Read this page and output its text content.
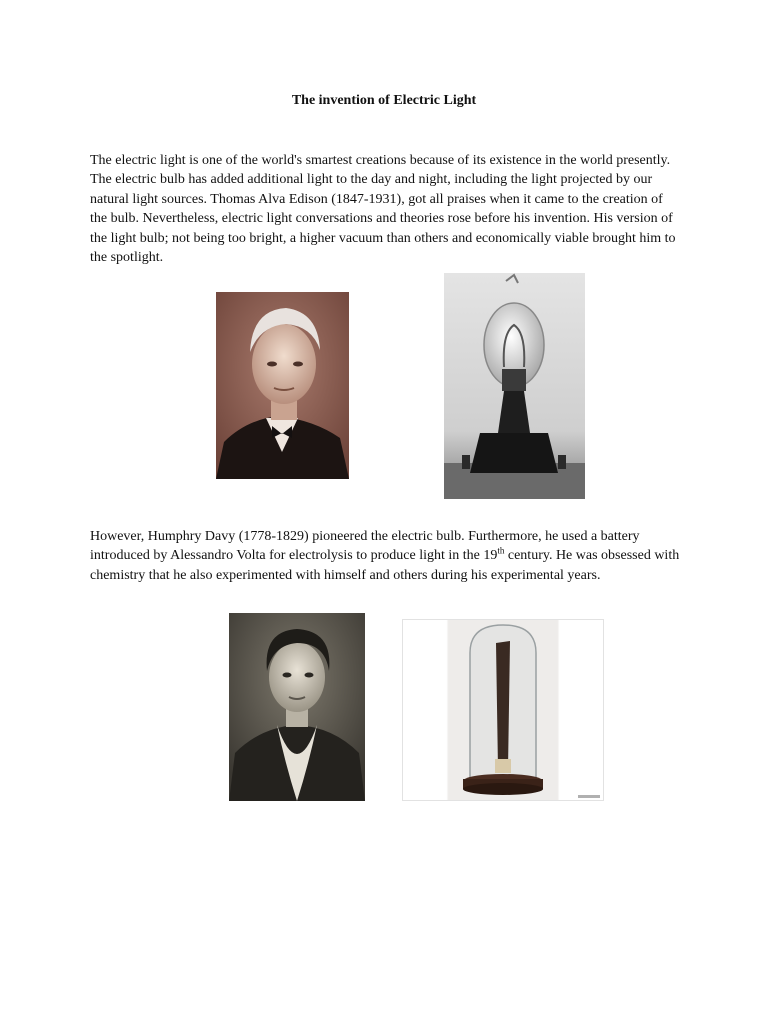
The invention of Electric Light

The electric light is one of the world's smartest creations because of its existence in the world presently. The electric bulb has added additional light to the day and night, including the light projected by our natural light sources. Thomas Alva Edison (1847-1931), got all praises when it came to the creation of the bulb. Nevertheless, electric light conversations and theories rose before his invention. His version of the light bulb; not being too bright, a higher vacuum than others and economically viable brought him to the spotlight.

However, Humphry Davy (1778-1829) pioneered the electric bulb. Furthermore, he used a battery introduced by Alessandro Volta for electrolysis to produce light in the 19th century. He was obsessed with chemistry that he also experimented with himself and others during his experimental years.
